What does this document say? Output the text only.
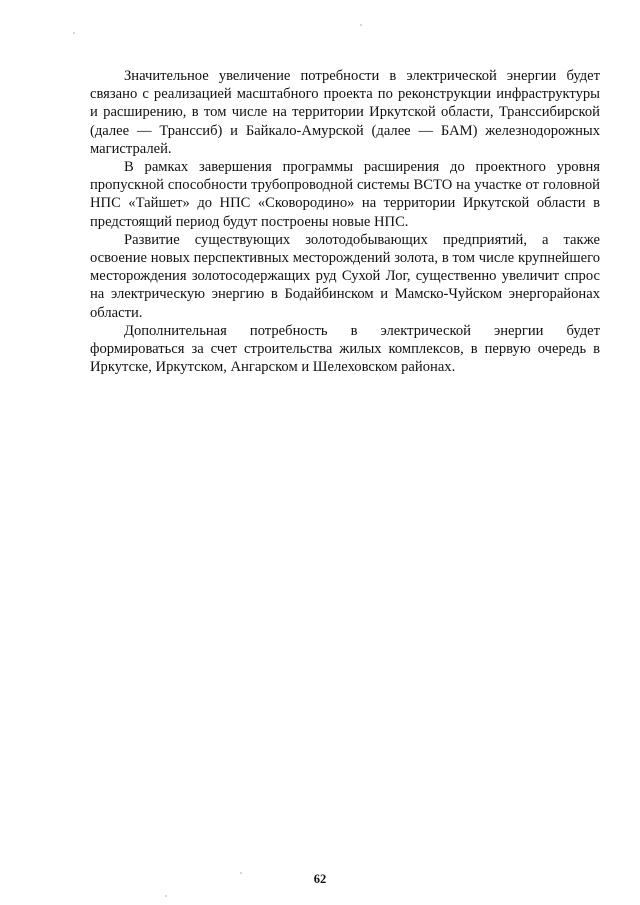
Значительное увеличение потребности в электрической энергии будет связано с реализацией масштабного проекта по реконструкции инфраструктуры и расширению, в том числе на территории Иркутской области, Транссибирской (далее — Транссиб) и Байкало-Амурской (далее — БАМ) железнодорожных магистралей.

В рамках завершения программы расширения до проектного уровня пропускной способности трубопроводной системы ВСТО на участке от головной НПС «Тайшет» до НПС «Сковородино» на территории Иркутской области в предстоящий период будут построены новые НПС.

Развитие существующих золотодобывающих предприятий, а также освоение новых перспективных месторождений золота, в том числе крупнейшего месторождения золотосодержащих руд Сухой Лог, существенно увеличит спрос на электрическую энергию в Бодайбинском и Мамско-Чуйском энергорайонах области.

Дополнительная потребность в электрической энергии будет формироваться за счет строительства жилых комплексов, в первую очередь в Иркутске, Иркутском, Ангарском и Шелеховском районах.

62
